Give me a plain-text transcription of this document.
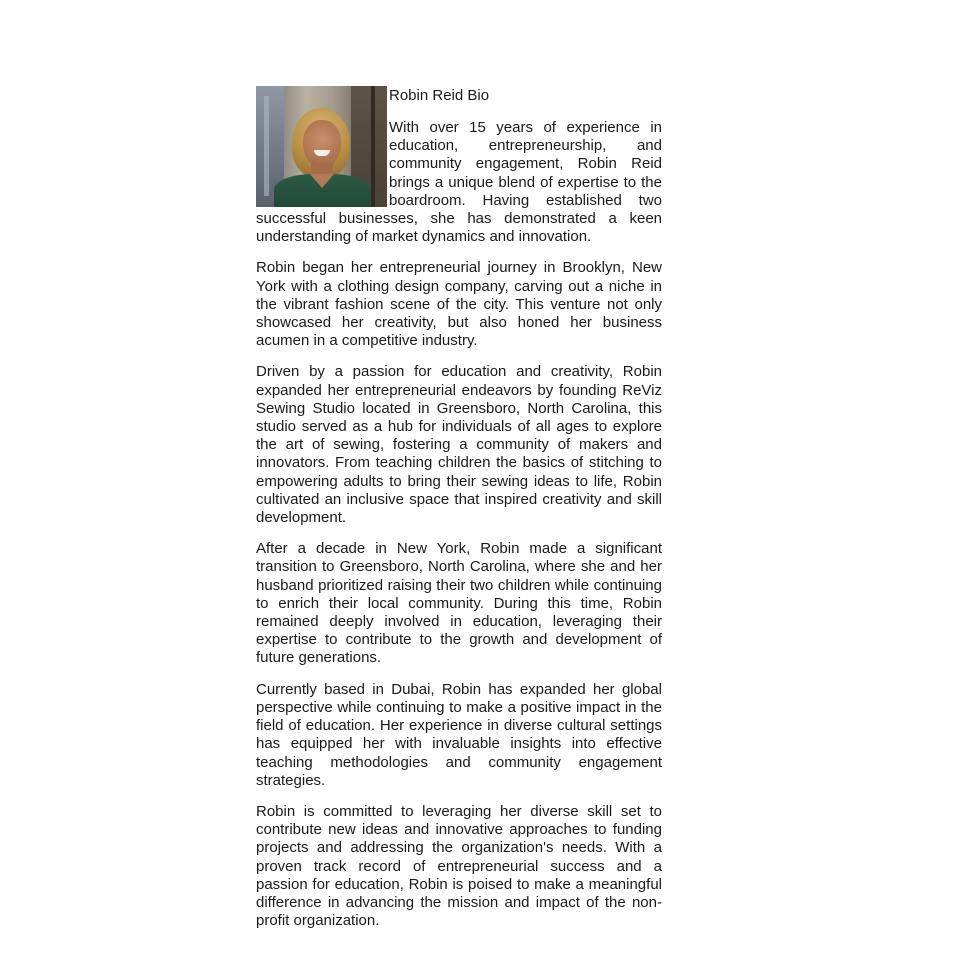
Robin Reid Bio

With over 15 years of experience in education, entrepreneurship, and community engagement, Robin Reid brings a unique blend of expertise to the boardroom. Having established two successful businesses, she has demonstrated a keen understanding of market dynamics and innovation.

Robin began her entrepreneurial journey in Brooklyn, New York with a clothing design company, carving out a niche in the vibrant fashion scene of the city. This venture not only showcased her creativity, but also honed her business acumen in a competitive industry.

Driven by a passion for education and creativity, Robin expanded her entrepreneurial endeavors by founding ReViz Sewing Studio located in Greensboro, North Carolina, this studio served as a hub for individuals of all ages to explore the art of sewing, fostering a community of makers and innovators. From teaching children the basics of stitching to empowering adults to bring their sewing ideas to life, Robin cultivated an inclusive space that inspired creativity and skill development.

After a decade in New York, Robin made a significant transition to Greensboro, North Carolina, where she and her husband prioritized raising their two children while continuing to enrich their local community. During this time, Robin remained deeply involved in education, leveraging their expertise to contribute to the growth and development of future generations.

Currently based in Dubai, Robin has expanded her global perspective while continuing to make a positive impact in the field of education. Her experience in diverse cultural settings has equipped her with invaluable insights into effective teaching methodologies and community engagement strategies.

Robin is committed to leveraging her diverse skill set to contribute new ideas and innovative approaches to funding projects and addressing the organization's needs. With a proven track record of entrepreneurial success and a passion for education, Robin is poised to make a meaningful difference in advancing the mission and impact of the non-profit organization.
